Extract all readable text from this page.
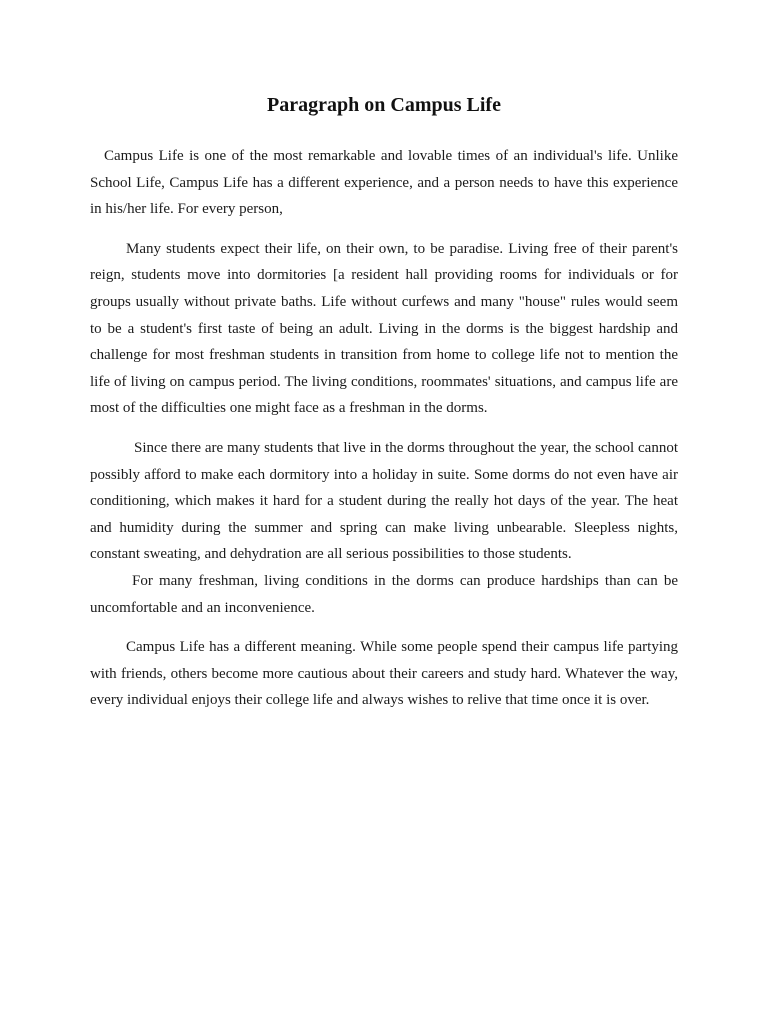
Paragraph on Campus Life

Campus Life is one of the most remarkable and lovable times of an individual's life. Unlike School Life, Campus Life has a different experience, and a person needs to have this experience in his/her life. For every person,

Many students expect their life, on their own, to be paradise. Living free of their parent's reign, students move into dormitories [a resident hall providing rooms for individuals or for groups usually without private baths. Life without curfews and many "house" rules would seem to be a student's first taste of being an adult. Living in the dorms is the biggest hardship and challenge for most freshman students in transition from home to college life not to mention the life of living on campus period. The living conditions, roommates' situations, and campus life are most of the difficulties one might face as a freshman in the dorms.

Since there are many students that live in the dorms throughout the year, the school cannot possibly afford to make each dormitory into a holiday in suite. Some dorms do not even have air conditioning, which makes it hard for a student during the really hot days of the year. The heat and humidity during the summer and spring can make living unbearable. Sleepless nights, constant sweating, and dehydration are all serious possibilities to those students.

For many freshman, living conditions in the dorms can produce hardships than can be uncomfortable and an inconvenience.

Campus Life has a different meaning. While some people spend their campus life partying with friends, others become more cautious about their careers and study hard. Whatever the way, every individual enjoys their college life and always wishes to relive that time once it is over.
